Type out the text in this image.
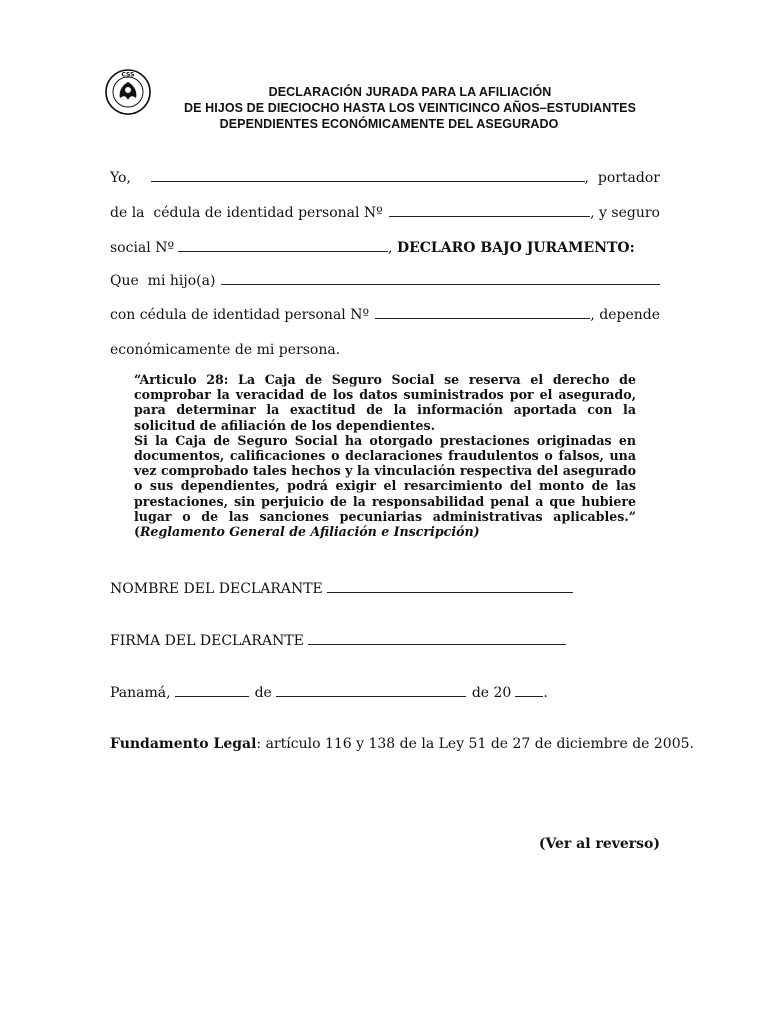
CSS
DECLARACIÓN JURADA PARA LA AFILIACIÓN
DE HIJOS DE DIECIOCHO HASTA LOS VEINTICINCO AÑOS–ESTUDIANTES
DEPENDIENTES ECONÓMICAMENTE DEL ASEGURADO
Yo,	,  portador
de la  cédula de identidad personal Nº	, y seguro
social Nº	, DECLARO BAJO JURAMENTO:
Que  mi hijo(a)
con cédula de identidad personal Nº	, depende
económicamente de mi persona.

“Articulo 28: La Caja de Seguro Social se reserva el derecho de comprobar la veracidad de los datos suministrados por el asegurado, para determinar la exactitud de la información aportada con la solicitud de afiliación de los dependientes.

Si la Caja de Seguro Social ha otorgado prestaciones originadas en documentos, calificaciones o declaraciones fraudulentos o falsos, una vez comprobado tales hechos y la vinculación respectiva del asegurado o sus dependientes, podrá exigir el resarcimiento del monto de las prestaciones, sin perjuicio de la responsabilidad penal a que hubiere lugar o de las sanciones pecuniarias administrativas aplicables.” (Reglamento General de Afiliación e Inscripción)

NOMBRE DEL DECLARANTE
FIRMA DEL DECLARANTE
Panamá,	de	de 20 .
Fundamento Legal: artículo 116 y 138 de la Ley 51 de 27 de diciembre de 2005.
(Ver al reverso)
